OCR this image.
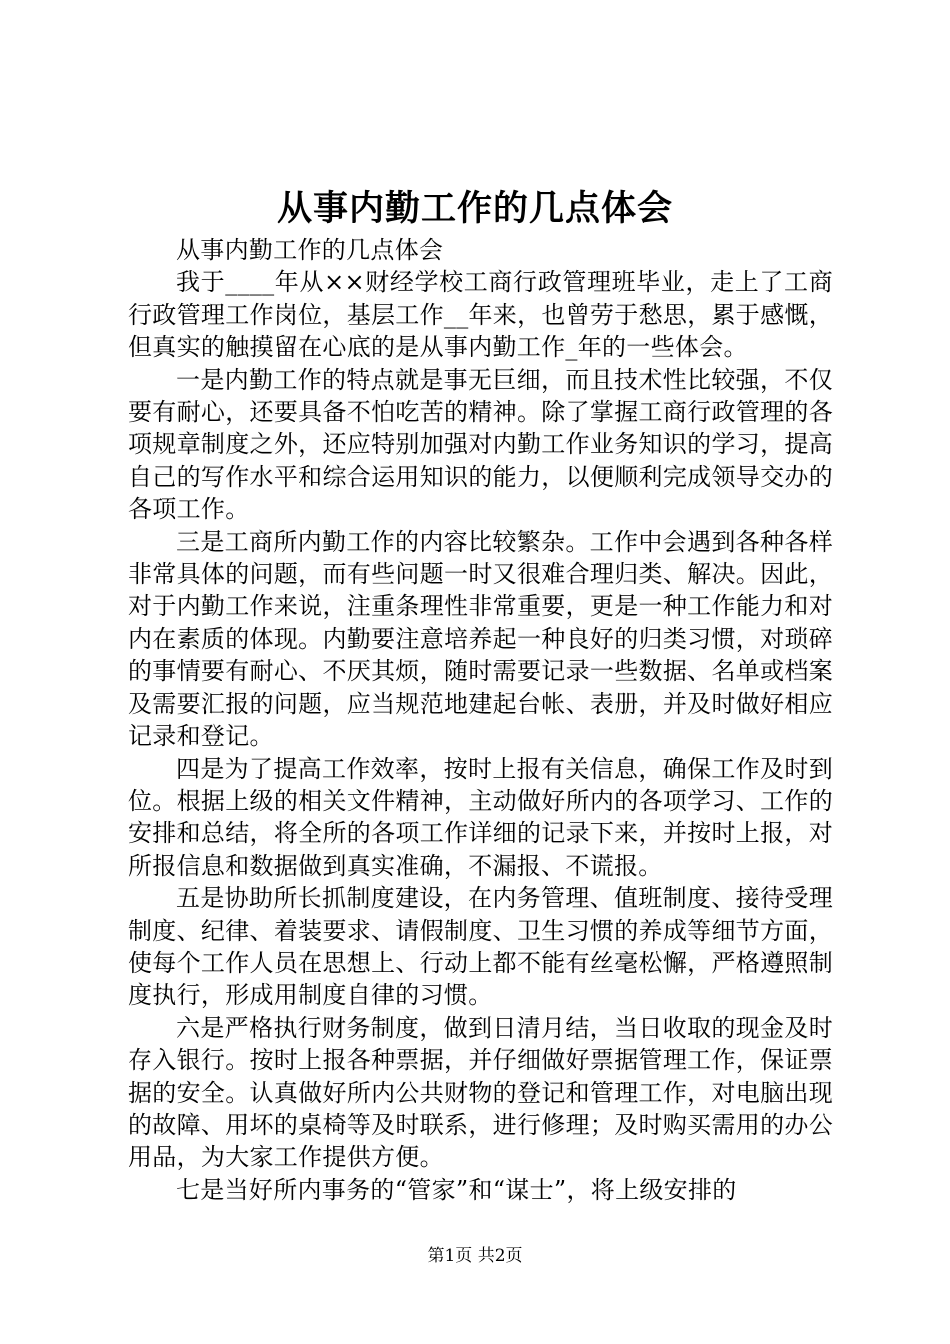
从事内勤工作的几点体会

从事内勤工作的几点体会

我于____年从××财经学校工商行政管理班毕业，走上了工商行政管理工作岗位，基层工作__年来，也曾劳于愁思，累于感慨，但真实的触摸留在心底的是从事内勤工作_年的一些体会。

一是内勤工作的特点就是事无巨细，而且技术性比较强，不仅要有耐心，还要具备不怕吃苦的精神。除了掌握工商行政管理的各项规章制度之外，还应特别加强对内勤工作业务知识的学习，提高自己的写作水平和综合运用知识的能力，以便顺利完成领导交办的各项工作。

三是工商所内勤工作的内容比较繁杂。工作中会遇到各种各样非常具体的问题，而有些问题一时又很难合理归类、解决。因此，对于内勤工作来说，注重条理性非常重要，更是一种工作能力和对内在素质的体现。内勤要注意培养起一种良好的归类习惯，对琐碎的事情要有耐心、不厌其烦，随时需要记录一些数据、名单或档案及需要汇报的问题，应当规范地建起台帐、表册，并及时做好相应记录和登记。

四是为了提高工作效率，按时上报有关信息，确保工作及时到位。根据上级的相关文件精神，主动做好所内的各项学习、工作的安排和总结，将全所的各项工作详细的记录下来，并按时上报，对所报信息和数据做到真实准确，不漏报、不谎报。

五是协助所长抓制度建设，在内务管理、值班制度、接待受理制度、纪律、着装要求、请假制度、卫生习惯的养成等细节方面，使每个工作人员在思想上、行动上都不能有丝毫松懈，严格遵照制度执行，形成用制度自律的习惯。

六是严格执行财务制度，做到日清月结，当日收取的现金及时存入银行。按时上报各种票据，并仔细做好票据管理工作，保证票据的安全。认真做好所内公共财物的登记和管理工作，对电脑出现的故障、用坏的桌椅等及时联系，进行修理；及时购买需用的办公用品，为大家工作提供方便。

七是当好所内事务的“管家”和“谋士”，将上级安排的

第1页 共2页
